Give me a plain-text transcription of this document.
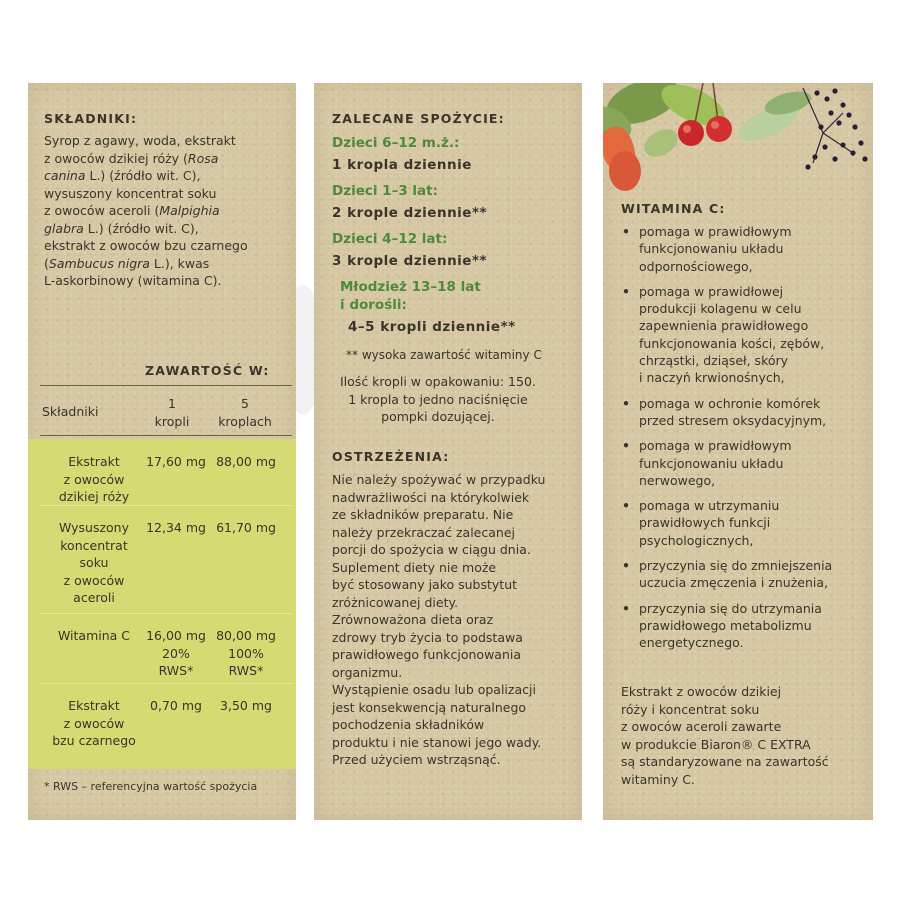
SKŁADNIKI:

Syrop z agawy, woda, ekstrakt

z owoców dzikiej róży (Rosa

canina L.) (źródło wit. C),

wysuszony koncentrat soku

z owoców aceroli (Malpighia

glabra L.) (źródło wit. C),

ekstrakt z owoców bzu czarnego

(Sambucus nigra L.), kwas

L-askorbinowy (witamina C).

ZAWARTOŚĆ W:
Składniki
1
kropli
5
kroplach
Ekstrakt
z owoców
dzikiej róży
17,60 mg 88,00 mg
Wysuszony
koncentrat
soku
z owoców
aceroli
12,34 mg 61,70 mg
Witamina C	16,00 mg
20%
RWS*
80,00 mg
100%
RWS*
Ekstrakt
z owoców
bzu czarnego
0,70 mg	3,50 mg
* RWS – referencyjna wartość spożycia
ZALECANE SPOŻYCIE:
Dzieci 6–12 m.ż.:
1 kropla dziennie
Dzieci 1–3 lat:
2 krople dziennie**
Dzieci 4–12 lat:
3 krople dziennie**
Młodzież 13–18 lat
i dorośli:
4–5 kropli dziennie**
** wysoka zawartość witaminy C

Ilość kropli w opakowaniu: 150.

1 kropla to jedno naciśnięcie

pompki dozującej.

OSTRZEŻENIA:

Nie należy spożywać w przypadku

nadwrażliwości na którykolwiek

ze składników preparatu. Nie

należy przekraczać zalecanej

porcji do spożycia w ciągu dnia.

Suplement diety nie może

być stosowany jako substytut

zróżnicowanej diety.

Zrównoważona dieta oraz

zdrowy tryb życia to podstawa

prawidłowego funkcjonowania

organizmu.

Wystąpienie osadu lub opalizacji

jest konsekwencją naturalnego

pochodzenia składników

produktu i nie stanowi jego wady.

Przed użyciem wstrząsnąć.

WITAMINA C:
• pomaga w prawidłowym
funkcjonowaniu układu
odpornościowego,
• pomaga w prawidłowej
produkcji kolagenu w celu
zapewnienia prawidłowego
funkcjonowania kości, zębów,
chrząstki, dziąseł, skóry
i naczyń krwionośnych,
• pomaga w ochronie komórek
przed stresem oksydacyjnym,
• pomaga w prawidłowym
funkcjonowaniu układu
nerwowego,
• pomaga w utrzymaniu
prawidłowych funkcji
psychologicznych,
• przyczynia się do zmniejszenia
uczucia zmęczenia i znużenia,
• przyczynia się do utrzymania
prawidłowego metabolizmu
energetycznego.

Ekstrakt z owoców dzikiej

róży i koncentrat soku

z owoców aceroli zawarte

w produkcie Biaron® C EXTRA

są standaryzowane na zawartość

witaminy C.
